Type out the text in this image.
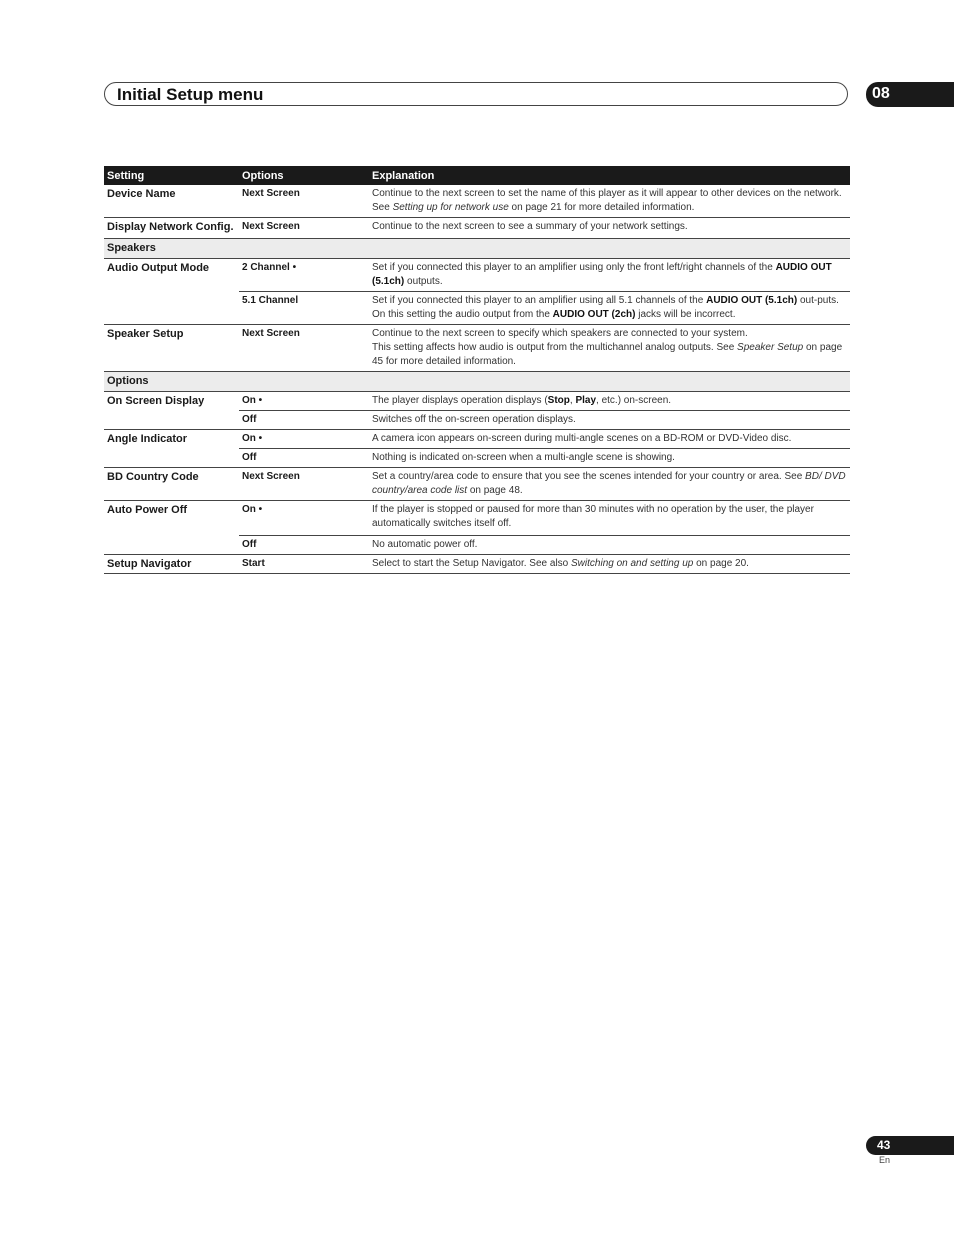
Initial Setup menu	08
Setting	Options	Explanation
Device Name	Next Screen	Continue to the next screen to set the name of this player as it will appear to other devices on the network. See Setting up for network use on page 21 for more detailed information.
Display Network Config.	Next Screen	Continue to the next screen to see a summary of your network settings.
Speakers		
Audio Output Mode	2 Channel •	Set if you connected this player to an amplifier using only the front left/right channels of the AUDIO OUT (5.1ch) outputs.
	5.1 Channel	Set if you connected this player to an amplifier using all 5.1 channels of the AUDIO OUT (5.1ch) out-puts. On this setting the audio output from the AUDIO OUT (2ch) jacks will be incorrect.
Speaker Setup	Next Screen	Continue to the next screen to specify which speakers are connected to your system.
This setting affects how audio is output from the multichannel analog outputs. See Speaker Setup on page 45 for more detailed information.
Options		
On Screen Display	On •	The player displays operation displays (Stop, Play, etc.) on-screen.
	Off	Switches off the on-screen operation displays.
Angle Indicator	On •	A camera icon appears on-screen during multi-angle scenes on a BD-ROM or DVD-Video disc.
	Off	Nothing is indicated on-screen when a multi-angle scene is showing.
BD Country Code	Next Screen	Set a country/area code to ensure that you see the scenes intended for your country or area. See BD/ DVD country/area code list on page 48.
Auto Power Off	On •	If the player is stopped or paused for more than 30 minutes with no operation by the user, the player automatically switches itself off.
	Off	No automatic power off.
Setup Navigator	Start	Select to start the Setup Navigator. See also Switching on and setting up on page 20.
43
En
